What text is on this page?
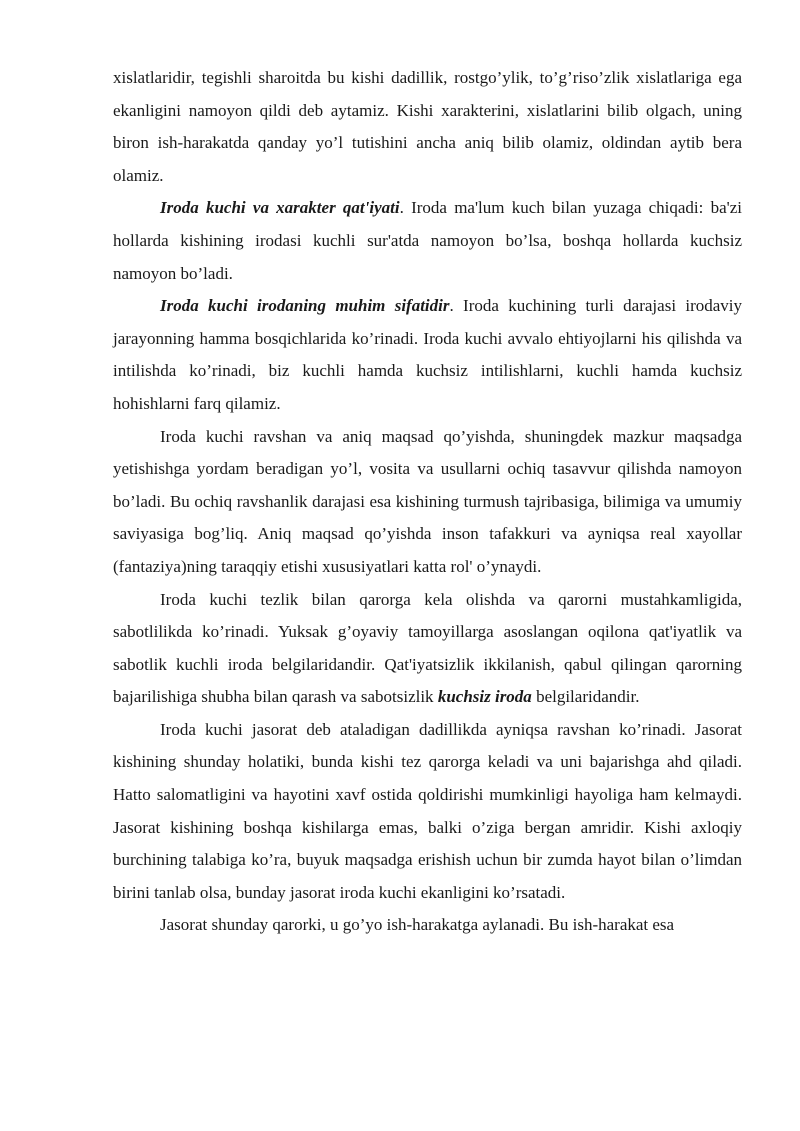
xislatlaridir, tegishli sharoitda bu kishi dadillik, rostgo’ylik, to’g’riso’zlik xislatlariga ega ekanligini namoyon qildi deb aytamiz. Kishi xarakterini, xislatlarini bilib olgach, uning biron ish-harakatda qanday yo’l tutishini ancha aniq bilib olamiz, oldindan aytib bera olamiz.

Iroda kuchi va xarakter qat'iyati. Iroda ma'lum kuch bilan yuzaga chiqadi: ba'zi hollarda kishining irodasi kuchli sur'atda namoyon bo’lsa, boshqa hollarda kuchsiz namoyon bo’ladi.

Iroda kuchi irodaning muhim sifatidir. Iroda kuchining turli darajasi irodaviy jarayonning hamma bosqichlarida ko’rinadi. Iroda kuchi avvalo ehtiyojlarni his qilishda va intilishda ko’rinadi, biz kuchli hamda kuchsiz intilishlarni, kuchli hamda kuchsiz hohishlarni farq qilamiz.

Iroda kuchi ravshan va aniq maqsad qo’yishda, shuningdek mazkur maqsadga yetishishga yordam beradigan yo’l, vosita va usullarni ochiq tasavvur qilishda namoyon bo’ladi. Bu ochiq ravshanlik darajasi esa kishining turmush tajribasiga, bilimiga va umumiy saviyasiga bog’liq. Aniq maqsad qo’yishda inson tafakkuri va ayniqsa real xayollar (fantaziya)ning taraqqiy etishi xususiyatlari katta rol' o’ynaydi.

Iroda kuchi tezlik bilan qarorga kela olishda va qarorni mustahkamligida, sabotlilikda ko’rinadi. Yuksak g’oyaviy tamoyillarga asoslangan oqilona qat'iyatlik va sabotlik kuchli iroda belgilaridandir. Qat'iyatsizlik ikkilanish, qabul qilingan qarorning bajarilishiga shubha bilan qarash va sabotsizlik kuchsiz iroda belgilaridandir.

Iroda kuchi jasorat deb ataladigan dadillikda ayniqsa ravshan ko’rinadi. Jasorat kishining shunday holatiki, bunda kishi tez qarorga keladi va uni bajarishga ahd qiladi. Hatto salomatligini va hayotini xavf ostida qoldirishi mumkinligi hayoliga ham kelmaydi. Jasorat kishining boshqa kishilarga emas, balki o’ziga bergan amridir. Kishi axloqiy burchining talabiga ko’ra, buyuk maqsadga erishish uchun bir zumda hayot bilan o’limdan birini tanlab olsa, bunday jasorat iroda kuchi ekanligini ko’rsatadi.

Jasorat shunday qarorki, u go’yo ish-harakatga aylanadi. Bu ish-harakat esa
